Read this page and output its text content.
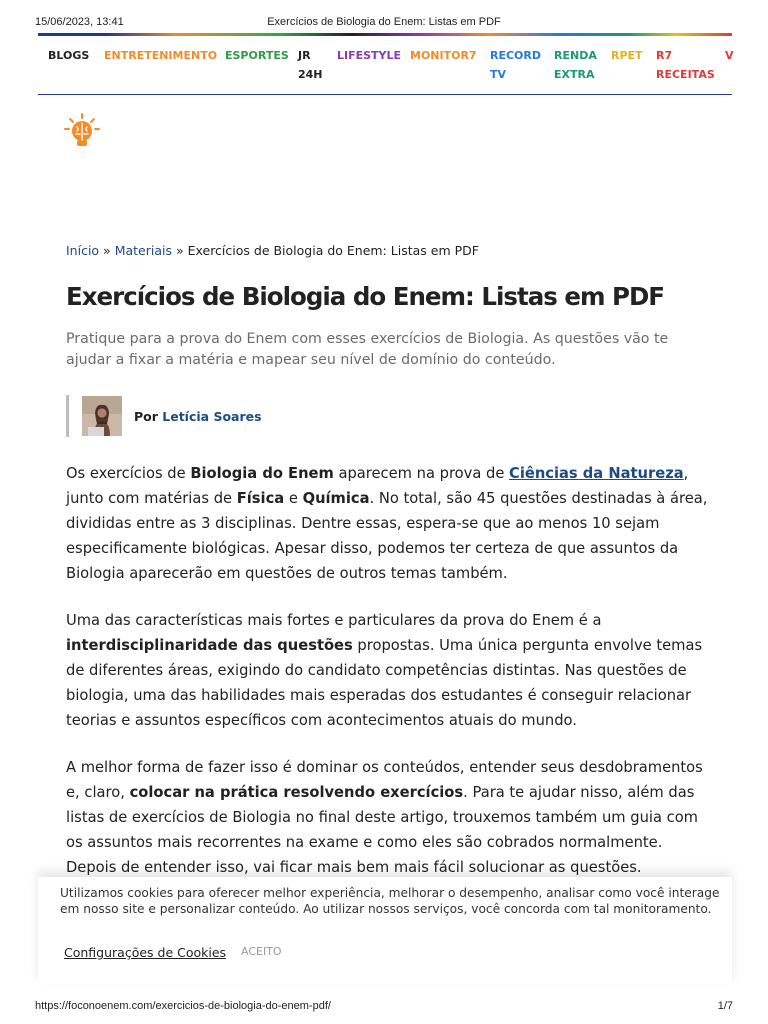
15/06/2023, 13:41	Exercícios de Biologia do Enem: Listas em PDF
BLOGS ENTRETENIMENTO ESPORTES JR
24H
LIFESTYLE MONITOR7 RECORD
TV
RENDA
EXTRA
RPET R7
RECEITAS
V
Início » Materiais » Exercícios de Biologia do Enem: Listas em PDF
Exercícios de Biologia do Enem: Listas em PDF

Pratique para a prova do Enem com esses exercícios de Biologia. As questões vão te ajudar a fixar a matéria e mapear seu nível de domínio do conteúdo.

Por Letícia Soares

Os exercícios de Biologia do Enem aparecem na prova de Ciências da Natureza, junto com matérias de Física e Química. No total, são 45 questões destinadas à área, divididas entre as 3 disciplinas. Dentre essas, espera-se que ao menos 10 sejam especificamente biológicas. Apesar disso, podemos ter certeza de que assuntos da Biologia aparecerão em questões de outros temas também.

Uma das características mais fortes e particulares da prova do Enem é a interdisciplinaridade das questões propostas. Uma única pergunta envolve temas de diferentes áreas, exigindo do candidato competências distintas. Nas questões de biologia, uma das habilidades mais esperadas dos estudantes é conseguir relacionar teorias e assuntos específicos com acontecimentos atuais do mundo.

A melhor forma de fazer isso é dominar os conteúdos, entender seus desdobramentos e, claro, colocar na prática resolvendo exercícios. Para te ajudar nisso, além das listas de exercícios de Biologia no final deste artigo, trouxemos também um guia com os assuntos mais recorrentes na exame e como eles são cobrados normalmente. Depois de entender isso, vai ficar mais bem mais fácil solucionar as questões.

Utilizamos cookies para oferecer melhor experiência, melhorar o desempenho, analisar como você interage em nosso site e personalizar conteúdo. Ao utilizar nossos serviços, você concorda com tal monitoramento.
Configurações de Cookies ACEITO
https://foconoenem.com/exercicios-de-biologia-do-enem-pdf/	1/7
